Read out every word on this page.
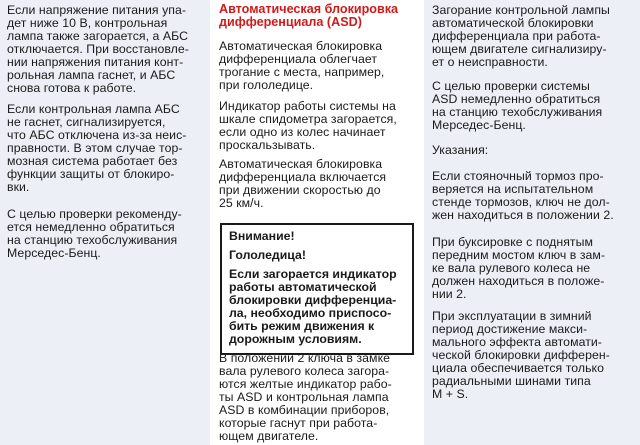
Если напряжение питания упа-
дет ниже 10 В, контрольная
лампа также загорается, а АБС
отключается. При восстановле-
нии напряжения питания конт-
рольная лампа гаснет, и АБС
снова готова к работе.

Если контрольная лампа АБС
не гаснет, сигнализируется,
что АБС отключена из-за неис-
правности. В этом случае тор-
мозная система работает без
функции защиты от блокиро-
вки.

С целью проверки рекоменду-
ется немедленно обратиться
на станцию техобслуживания
Мерседес-Бенц.

Автоматическая блокировка
дифференциала (ASD)

Автоматическая блокировка
дифференциала облегчает
трогание с места, например,
при гололедице.

Индикатор работы системы на
шкале спидометра загорается,
если одно из колес начинает
проскальзывать.

Автоматическая блокировка
дифференциала включается
при движении скоростью до
25 км/ч.

Внимание!

Гололедица!

Если загорается индикатор
работы автоматической
блокировки дифференциа-
ла, необходимо приспосо-
бить режим движения к
дорожным условиям.

В положении 2 ключа в замке
вала рулевого колеса загора-
ются желтые индикатор рабо-
ты ASD и контрольная лампа
ASD в комбинации приборов,
которые гаснут при работа-
ющем двигателе.

Загорание контрольной лампы
автоматической блокировки
дифференциала при работа-
ющем двигателе сигнализиру-
ет о неисправности.

С целью проверки системы
ASD немедленно обратиться
на станцию техобслуживания
Мерседес-Бенц.

Указания:

Если стояночный тормоз про-
веряется на испытательном
стенде тормозов, ключ не дол-
жен находиться в положении 2.

При буксировке с поднятым
передним мостом ключ в зам-
ке вала рулевого колеса не
должен находиться в положе-
нии 2.

При эксплуатации в зимний
период достижение макси-
мального эффекта автомати-
ческой блокировки дифферен-
циала обеспечивается только
радиальными шинами типа
М + S.
